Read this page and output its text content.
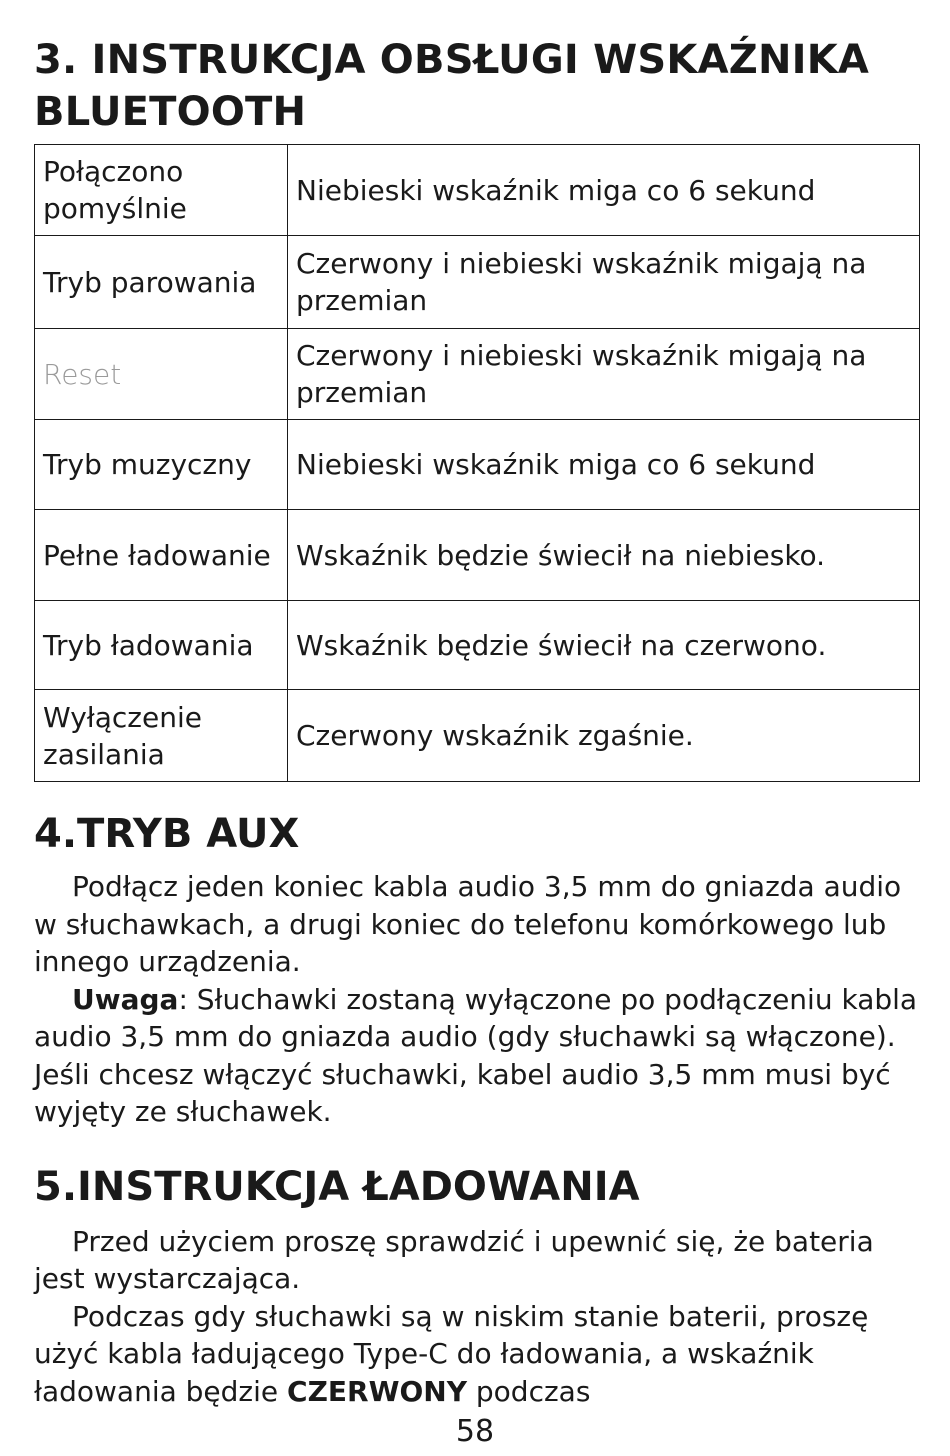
3. INSTRUKCJA OBSŁUGI WSKAŹNIKA
BLUETOOTH
Połączono pomyślnie	Niebieski wskaźnik miga co 6 sekund
Tryb parowania	Czerwony i niebieski wskaźnik migają na przemian
Reset	Czerwony i niebieski wskaźnik migają na przemian
Tryb muzyczny	Niebieski wskaźnik miga co 6 sekund
Pełne ładowanie	Wskaźnik będzie świecił na niebiesko.
Tryb ładowania	Wskaźnik będzie świecił na czerwono.
Wyłączenie zasilania	Czerwony wskaźnik zgaśnie.
4.TRYB AUX

Podłącz jeden koniec kabla audio 3,5 mm do gniazda audio w słuchawkach, a drugi koniec do telefonu komórkowego lub innego urządzenia.

Uwaga: Słuchawki zostaną wyłączone po podłączeniu kabla audio 3,5 mm do gniazda audio (gdy słuchawki są włączone). Jeśli chcesz włączyć słuchawki, kabel audio 3,5 mm musi być wyjęty ze słuchawek.

5.INSTRUKCJA ŁADOWANIA

Przed użyciem proszę sprawdzić i upewnić się, że bateria jest wystarczająca.

Podczas gdy słuchawki są w niskim stanie baterii, proszę użyć kabla ładującego Type-C do ładowania, a wskaźnik ładowania będzie CZERWONY podczas

58
